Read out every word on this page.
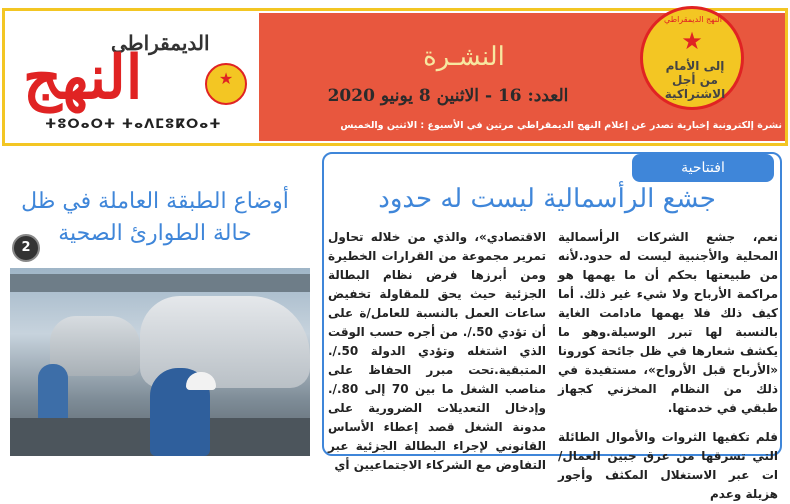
الديمقراطي
النهج	★
ⵜⵓⵔⴰⵔⵜ ⵜⴰⴷⵎⵓⴽⵔⴰⵜ
النشـرة
العدد: 16 - الاثنين 8 يونيو 2020
نشرة إلكترونية إخبارية تصدر عن إعلام النهج الديمقراطي مرتين في الأسبوع : الاثنين والخميس
النهج الديمقراطي
★
إلى الأمام
من أجل الاشتراكية
افتتاحية
جشع الرأسمالية ليست له حدود

نعم، جشع الشركات الرأسمالية المحلية والأجنبية ليست له حدود.لأنه من طبيعتها بحكم أن ما يهمها هو مراكمة الأرباح ولا شيء غير ذلك. أما كيف ذلك فلا يهمها مادامت الغاية بالنسبة لها تبرر الوسيلة.وهو ما يكشف شعارها في ظل جائحة كورونا «الأرباح قبل الأرواح»، مستفيدة في ذلك من النظام المخزني كجهاز طبقي في خدمتها.

فلم تكفيها الثروات والأموال الطائلة التي تسرقها من عرق جبين العمال/ات عبر الاستغلال المكثف وأجور هزيلة وعدم

الاقتصادي»، والذي من خلاله تحاول تمرير مجموعة من القرارات الخطيرة ومن أبرزها فرض نظام البطالة الجزئية حيث يحق للمقاولة تخفيض ساعات العمل بالنسبة للعامل/ة على أن تؤدي 50./. من أجره حسب الوقت الذي اشتغله وتؤدي الدولة 50./. المتبقية.تحت مبرر الحفاظ على مناصب الشغل ما بين 70 إلى 80./. وإدخال التعديلات الضرورية على مدونة الشغل قصد إعطاء الأساس القانوني لإجراء البطالة الجزئية عبر التفاوض مع الشركاء الاجتماعيين أي

أوضاع الطبقة العاملة في ظل حالة الطوارئ الصحية
2
